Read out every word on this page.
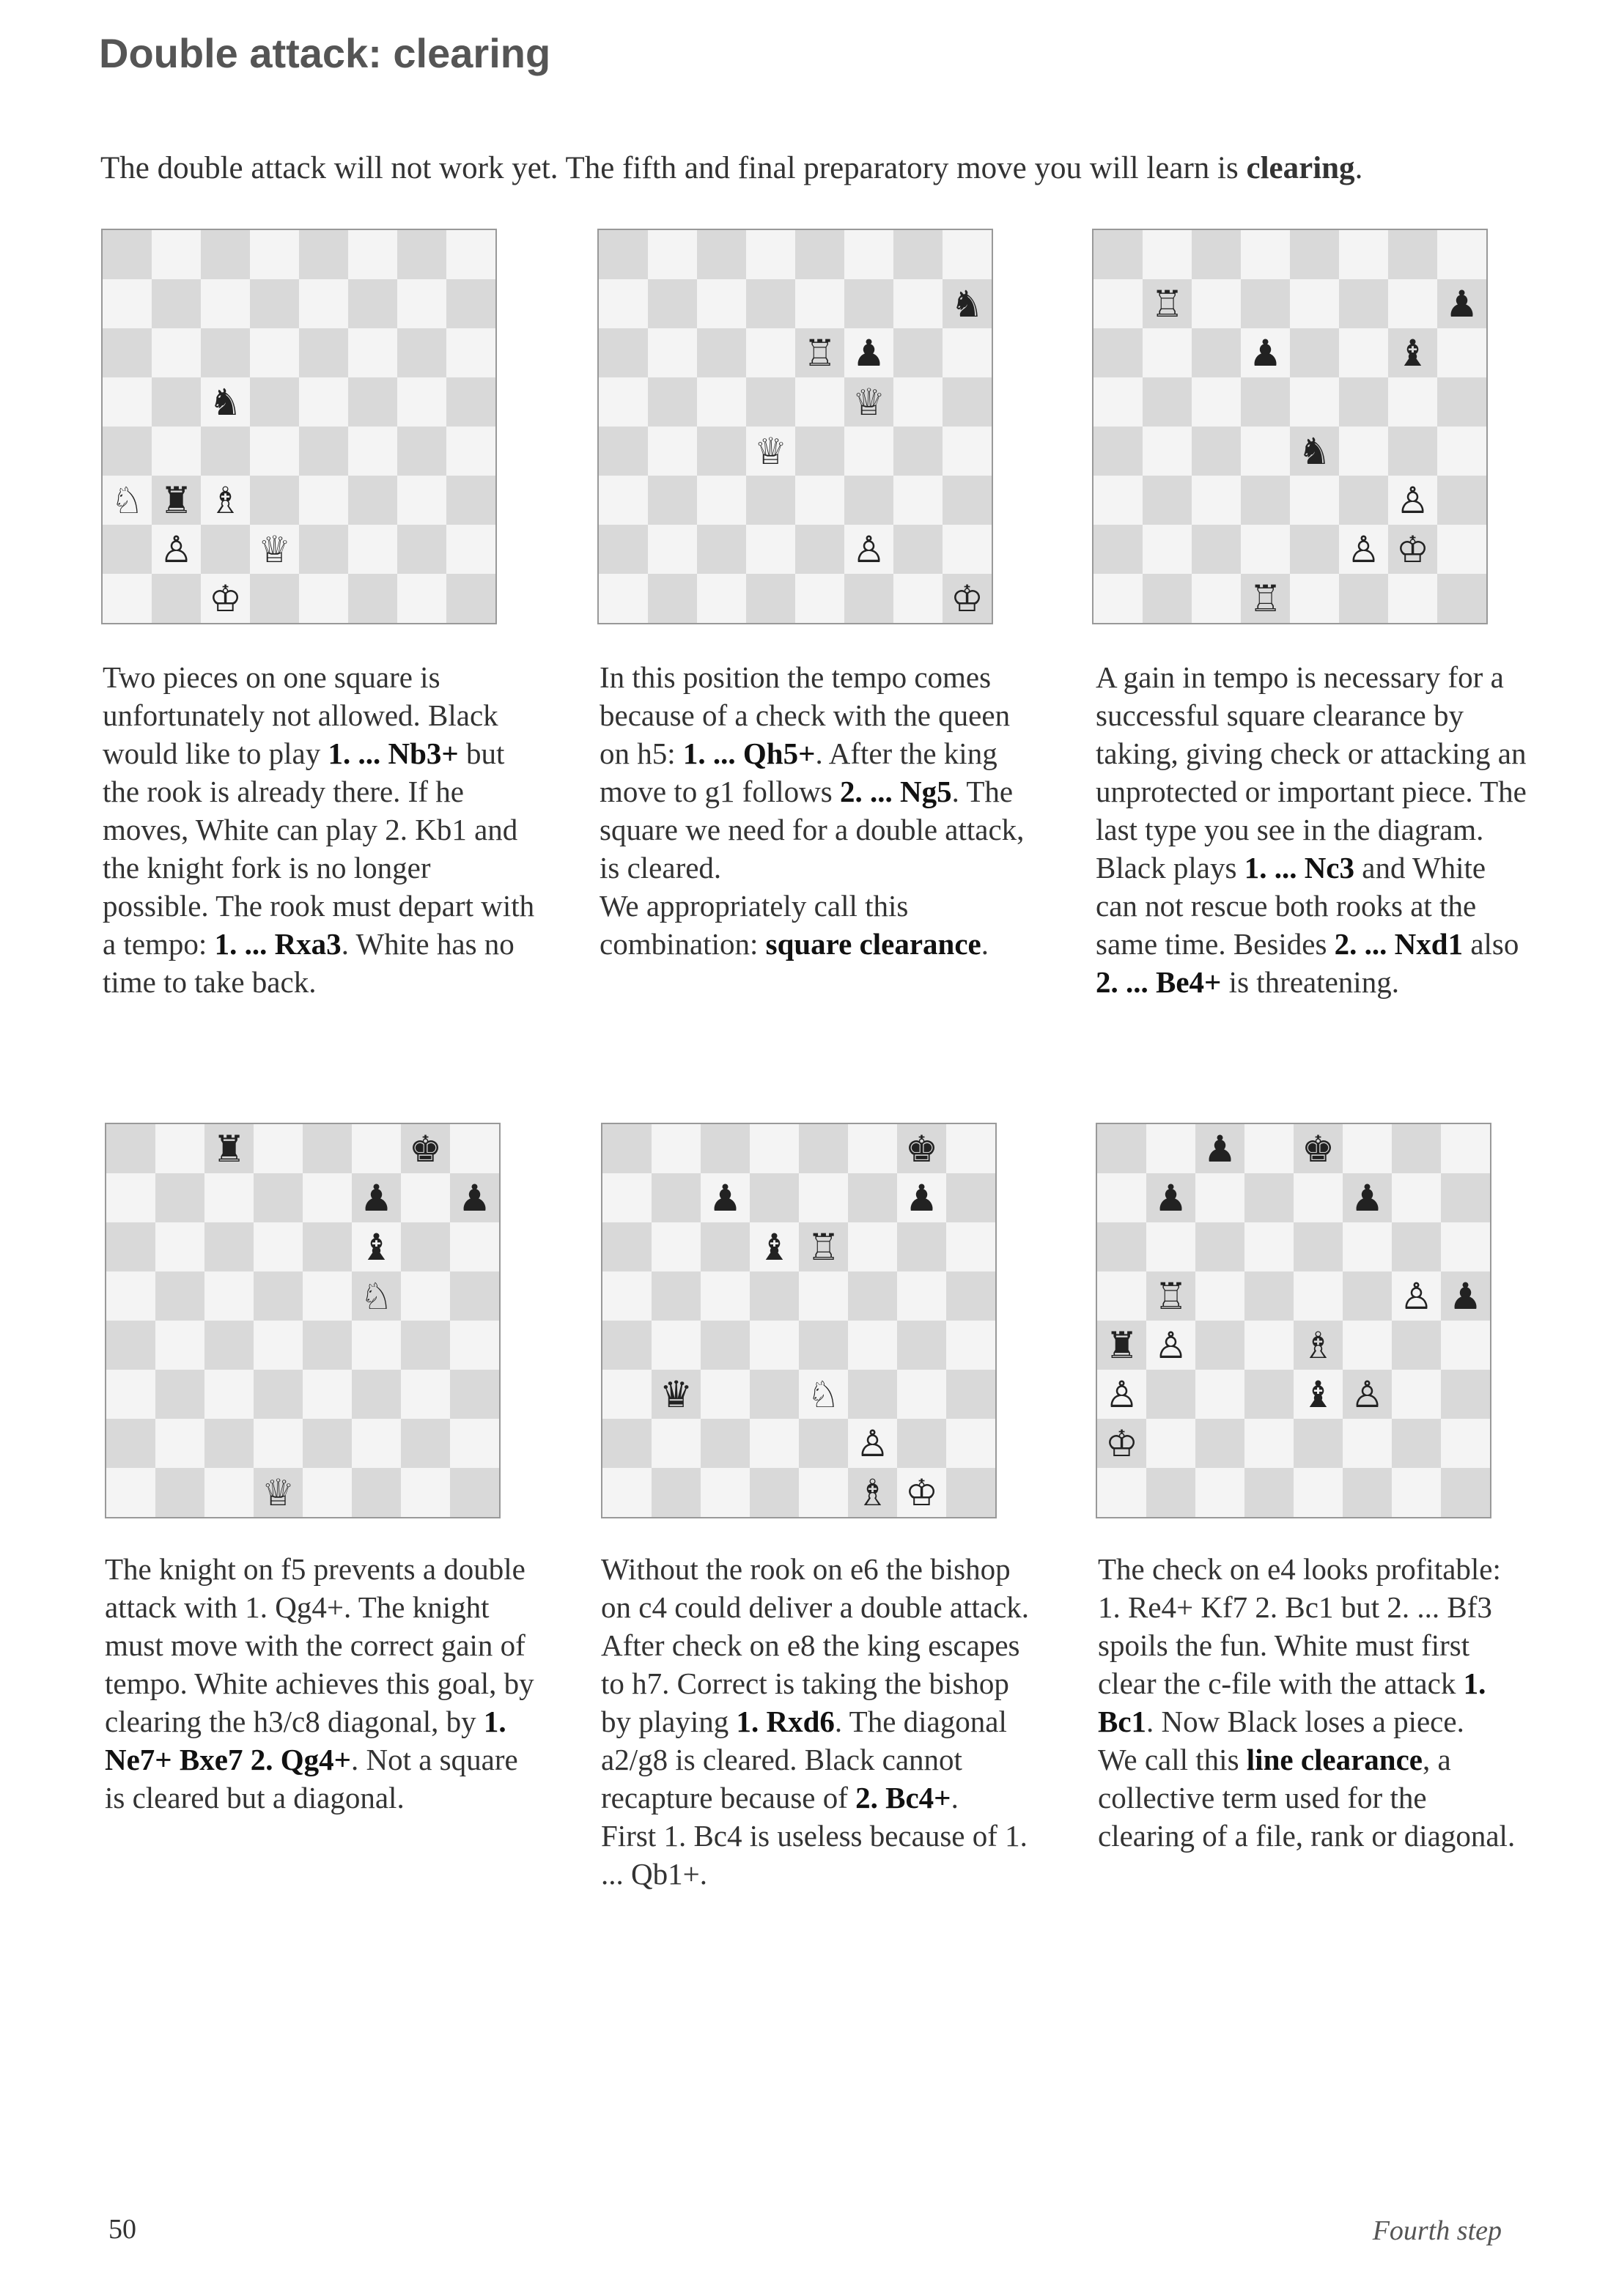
Double attack: clearing

The double attack will not work yet. The fifth and final preparatory move you will learn is clearing.

♞
♘ ♜ ♗
♙ ♕
♔
♞
♖ ♟
♕
♕
♙
♔
♖	♟
♟	♝
♞
♙
♙ ♔
♖
♜	♚
♟ ♟
♝
♘
♕
♚
♟	♟
♝ ♖
♛	♘
♙
♗ ♔
♟ ♚
♟	♟
♖	♙ ♟
♜ ♙	♗
♙	♝ ♙
♔

Two pieces on one square is unfortunately not allowed. Black would like to play 1. ... Nb3+ but the rook is already there. If he moves, White can play 2. Kb1 and the knight fork is no longer possible. The rook must depart with a tempo: 1. ... Rxa3. White has no time to take back.

In this position the tempo comes because of a check with the queen on h5: 1. ... Qh5+. After the king move to g1 follows 2. ... Ng5. The square we need for a double attack, is cleared.
We appropriately call this combination: square clearance.

A gain in tempo is necessary for a successful square clearance by taking, giving check or attacking an unprotected or important piece. The last type you see in the diagram. Black plays 1. ... Nc3 and White can not rescue both rooks at the same time. Besides 2. ... Nxd1 also 2. ... Be4+ is threatening.

The knight on f5 prevents a double attack with 1. Qg4+. The knight must move with the correct gain of tempo. White achieves this goal, by clearing the h3/c8 diagonal, by 1. Ne7+ Bxe7 2. Qg4+. Not a square is cleared but a diagonal.

Without the rook on e6 the bishop on c4 could deliver a double attack. After check on e8 the king escapes to h7. Correct is taking the bishop by playing 1. Rxd6. The diagonal a2/g8 is cleared. Black cannot recapture because of 2. Bc4+.
First 1. Bc4 is useless because of 1. ... Qb1+.

The check on e4 looks profitable: 1. Re4+ Kf7 2. Bc1 but 2. ... Bf3 spoils the fun. White must first clear the c-file with the attack 1. Bc1. Now Black loses a piece.
We call this line clearance, a collective term used for the clearing of a file, rank or diagonal.

50	Fourth step
